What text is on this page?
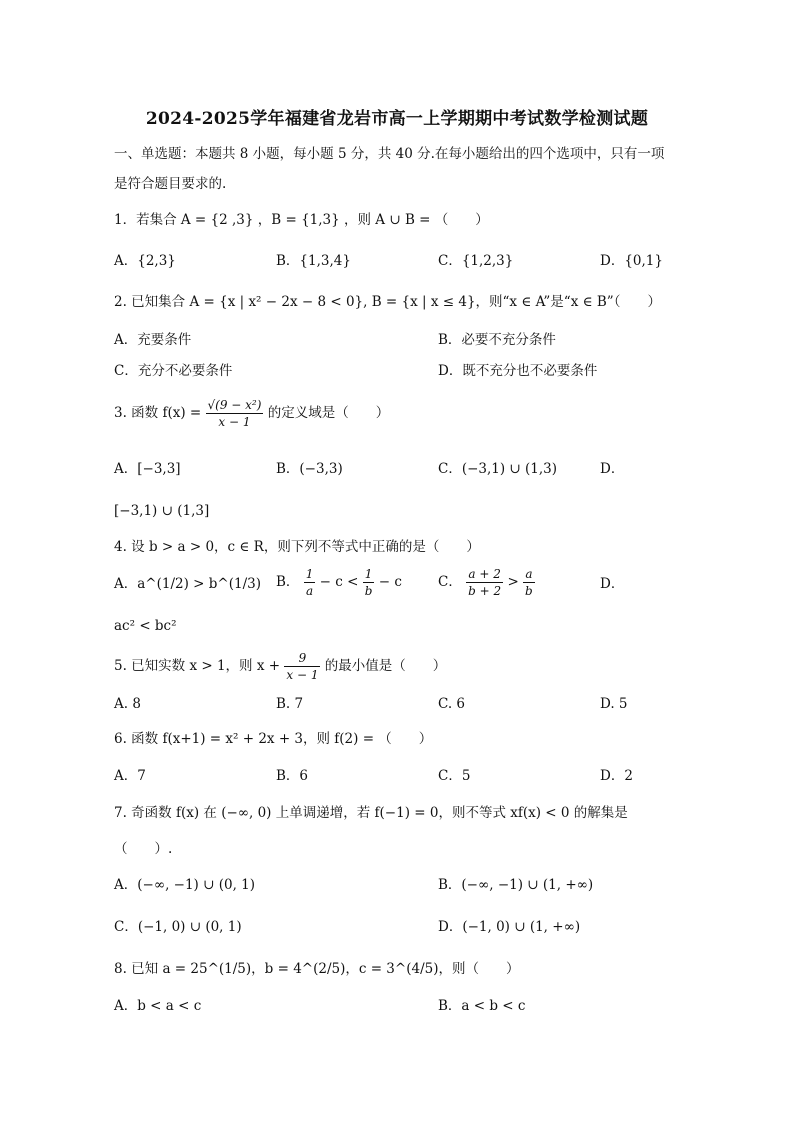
2024-2025学年福建省龙岩市高一上学期期中考试数学检测试题
一、单选题：本题共 8 小题，每小题 5 分，共 40 分.在每小题给出的四个选项中，只有一项
是符合题目要求的.
1．若集合 A = {2 ,3} ，B = {1,3} ，则 A ∪ B = （　　）
A．{2,3}	B．{1,3,4}	C．{1,2,3}	D．{0,1}
2. 已知集合 A = {x | x² − 2x − 8 < 0}, B = {x | x ≤ 4}，则“x ∈ A”是“x ∈ B”（　　）
A．充要条件	B．必要不充分条件
C．充分不必要条件	D．既不充分也不必要条件
3. 函数 $f(x) = \frac{\text{√(9 − x²)}}{x - 1}$ 的定义域是（　　）
A．[−3,3]	B．(−3,3)	C．(−3,1) ∪ (1,3)	D．
[−3,1) ∪ (1,3]
4. 设 b > a > 0，c ∈ R，则下列不等式中正确的是（　　）
A．a^(1/2) > b^(1/3) B． $\frac{1}{a} - c < \frac{1}{b} - c$	C． $\frac{a + 2}{b + 2} > \frac{a}{b}$	D．
ac² < bc²
5. 已知实数 x > 1，则 $x + \frac{9}{x - 1}$ 的最小值是（　　）
A. 8	B. 7	C. 6	D. 5
6. 函数 f(x+1) = x² + 2x + 3，则 f(2) = （　　）
A．7	B．6	C．5	D．2
7. 奇函数 f(x) 在 (−∞, 0) 上单调递增，若 f(−1) = 0，则不等式 xf(x) < 0 的解集是
（　　）.
A．(−∞, −1) ∪ (0, 1)	B．(−∞, −1) ∪ (1, +∞)
C．(−1, 0) ∪ (0, 1)	D．(−1, 0) ∪ (1, +∞)
8. 已知 a = 25^(1/5)，b = 4^(2/5)，c = 3^(4/5)，则（　　）
A．b < a < c	B．a < b < c
